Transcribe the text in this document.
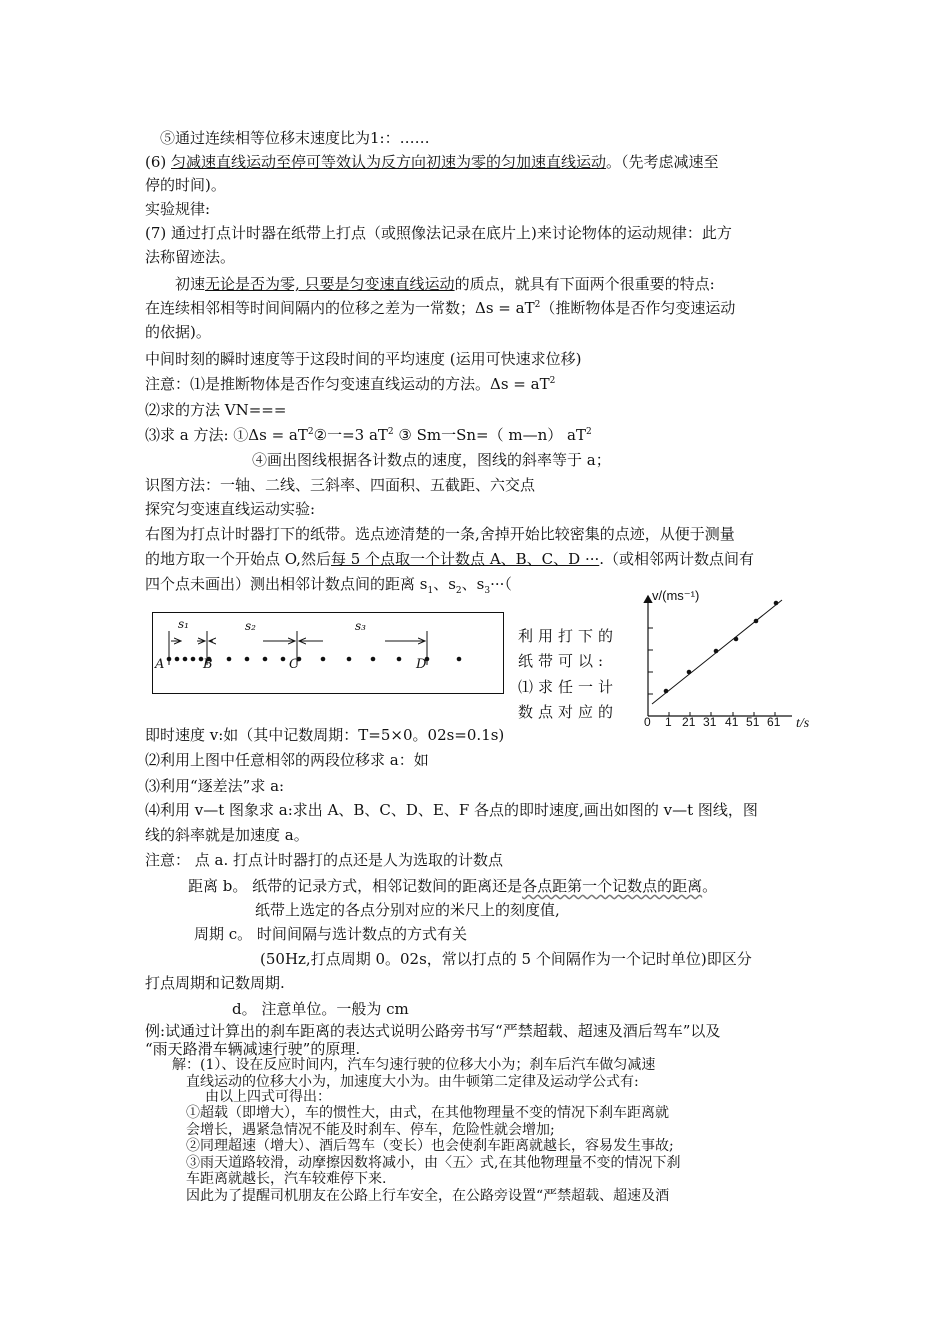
⑤通过连续相等位移末速度比为1:：……
(6) 匀减速直线运动至停可等效认为反方向初速为零的匀加速直线运动。（先考虑减速至
停的时间)。
实验规律:
(7) 通过打点计时器在纸带上打点（或照像法记录在底片上)来讨论物体的运动规律：此方
法称留迹法。
初速无论是否为零, 只要是匀变速直线运动的质点，就具有下面两个很重要的特点:
在连续相邻相等时间间隔内的位移之差为一常数；$\Delta s = aT^2$（推断物体是否作匀变速运动
的依据)。
中间时刻的瞬时速度等于这段时间的平均速度 (运用可快速求位移)
注意：⑴是推断物体是否作匀变速直线运动的方法。$\Delta s = aT^2$
⑵求的方法 VN===
⑶求 a 方法: ①Δs = $aT^2②$一=3 $aT^2$ ③ Sm一Sn=（ m—n） $aT^2$
④画出图线根据各计数点的速度，图线的斜率等于 a；
识图方法：一轴、二线、三斜率、四面积、五截距、六交点
探究匀变速直线运动实验:
右图为打点计时器打下的纸带。选点迹清楚的一条,舍掉开始比较密集的点迹，从便于测量
的地方取一个开始点 O,然后每 5 个点取一个计数点 A、B、C、D ···.（或相邻两计数点间有
四个点未画出）测出相邻计数点间的距离 $s_1$、$s_2$、$s_3\cdot\cdot\cdot$（
s₁	s₂	s₃
A	B	C	D
利用打下的
纸带可以:
⑴求任一计
数点对应的
v/(ms⁻¹)
0 1 21 31 41 51 61 t/s
即时速度 v:如（其中记数周期：T=5×0。02s=0.1s)
⑵利用上图中任意相邻的两段位移求 a：如
⑶利用“逐差法”求 a:
⑷利用 v—t 图象求 a:求出 A、B、C、D、E、F 各点的即时速度,画出如图的 v—t 图线，图
线的斜率就是加速度 a。
注意： 点 a. 打点计时器打的点还是人为选取的计数点
距离 b。 纸带的记录方式，相邻记数间的距离还是各点距第一个记数点的距离。
纸带上选定的各点分别对应的米尺上的刻度值,
周期 c。 时间间隔与选计数点的方式有关
(50Hz,打点周期 0。02s，常以打点的 5 个间隔作为一个记时单位)即区分
打点周期和记数周期.
d。 注意单位。一般为 cm
例:试通过计算出的刹车距离的表达式说明公路旁书写“严禁超载、超速及酒后驾车”以及
“雨天路滑车辆减速行驶”的原理.
解：(1）、设在反应时间内，汽车匀速行驶的位移大小为；刹车后汽车做匀减速
直线运动的位移大小为，加速度大小为。由牛顿第二定律及运动学公式有:
由以上四式可得出：
①超载（即增大），车的惯性大，由式，在其他物理量不变的情况下刹车距离就
会增长，遇紧急情况不能及时刹车、停车，危险性就会增加;
②同理超速（增大）、酒后驾车（变长）也会使刹车距离就越长，容易发生事故;
③雨天道路较滑，动摩擦因数将减小，由〈五〉式,在其他物理量不变的情况下刹
车距离就越长，汽车较难停下来.
因此为了提醒司机朋友在公路上行车安全，在公路旁设置“严禁超载、超速及酒
